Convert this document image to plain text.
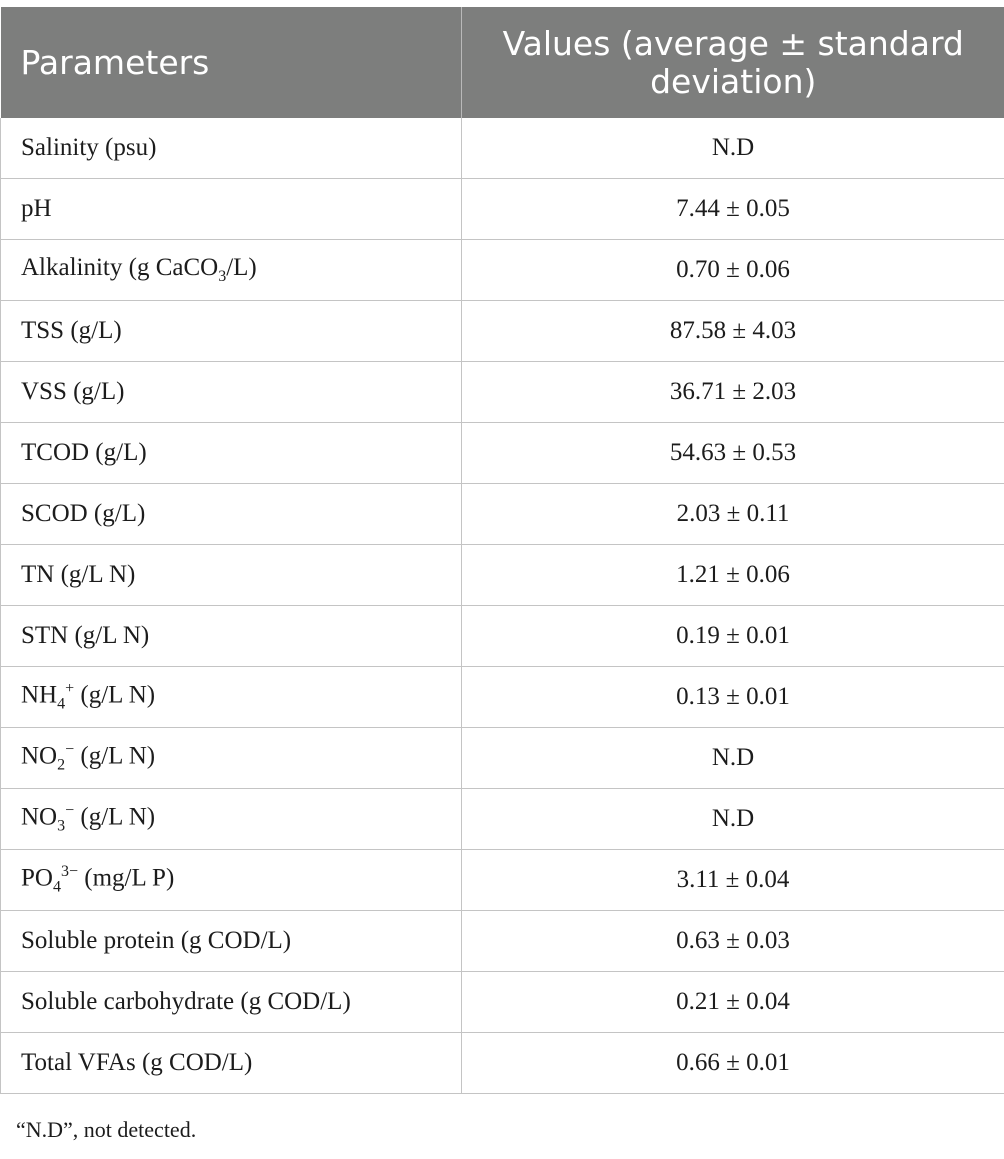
Parameters	Values (average ± standard
deviation)
Salinity (psu)	N.D
pH	7.44 ± 0.05
Alkalinity (g CaCO$_3$/L)	0.70 ± 0.06
TSS (g/L)	87.58 ± 4.03
VSS (g/L)	36.71 ± 2.03
TCOD (g/L)	54.63 ± 0.53
SCOD (g/L)	2.03 ± 0.11
TN (g/L N)	1.21 ± 0.06
STN (g/L N)	0.19 ± 0.01
$NH_4^+$ (g/L N)	0.13 ± 0.01
$NO_2^-$ (g/L N)	N.D
$NO_3^-$ (g/L N)	N.D
$PO_4^{3-}$ (mg/L P)	3.11 ± 0.04
Soluble protein (g COD/L)	0.63 ± 0.03
Soluble carbohydrate (g COD/L)	0.21 ± 0.04
Total VFAs (g COD/L)	0.66 ± 0.01
“N.D”, not detected.
